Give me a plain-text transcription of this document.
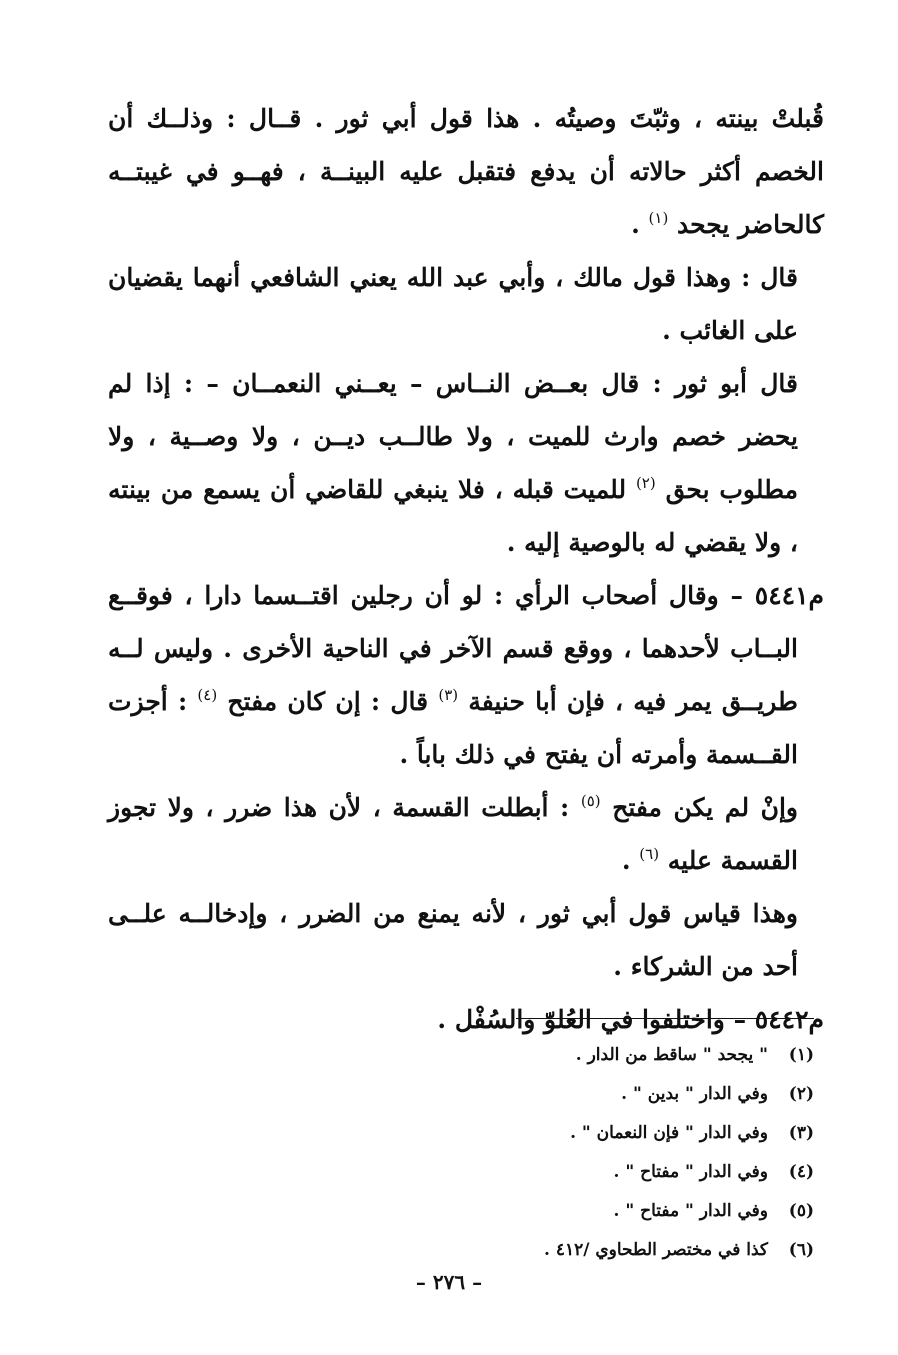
قُبلتْ بينته ، وثبّتَ وصيتُه . هذا قول أبي ثور . قــال : وذلــك أن الخصم أكثر حالاته أن يدفع فتقبل عليه البينــة ، فهــو في غيبتــه كالحاضر يجحد $^{(١)}$ .

قال : وهذا قول مالك ، وأبي عبد الله يعني الشافعي أنهما يقضيان على الغائب .

قال أبو ثور : قال بعــض النــاس – يعــني النعمــان – : إذا لم يحضر خصم وارث للميت ، ولا طالــب ديــن ، ولا وصــية ، ولا مطلوب بحق $^{(٢)}$ للميت قبله ، فلا ينبغي للقاضي أن يسمع من بينته ، ولا يقضي له بالوصية إليه .

م٥٤٤١ – وقال أصحاب الرأي : لو أن رجلين اقتــسما دارا ، فوقــع البــاب لأحدهما ، ووقع قسم الآخر في الناحية الأخرى . وليس لــه طريــق يمر فيه ، فإن أبا حنيفة $^{(٣)}$ قال : إن كان مفتح $^{(٤)}$ : أجزت القــسمة وأمرته أن يفتح في ذلك باباً .

وإنْ لم يكن مفتح $^{(٥)}$ : أبطلت القسمة ، لأن هذا ضرر ، ولا تجوز القسمة عليه $^{(٦)}$ .

وهذا قياس قول أبي ثور ، لأنه يمنع من الضرر ، وإدخالــه علــى أحد من الشركاء .

م٥٤٤٢ – واختلفوا في العُلوّ والسُفْل .

(١)" يجحد " ساقط من الدار .
(٢)وفي الدار " بدين " .
(٣)وفي الدار " فإن النعمان " .
(٤)وفي الدار " مفتاح " .
(٥)وفي الدار " مفتاح " .
(٦)كذا في مختصر الطحاوي /٤١٢ .
– ٢٧٦ –
